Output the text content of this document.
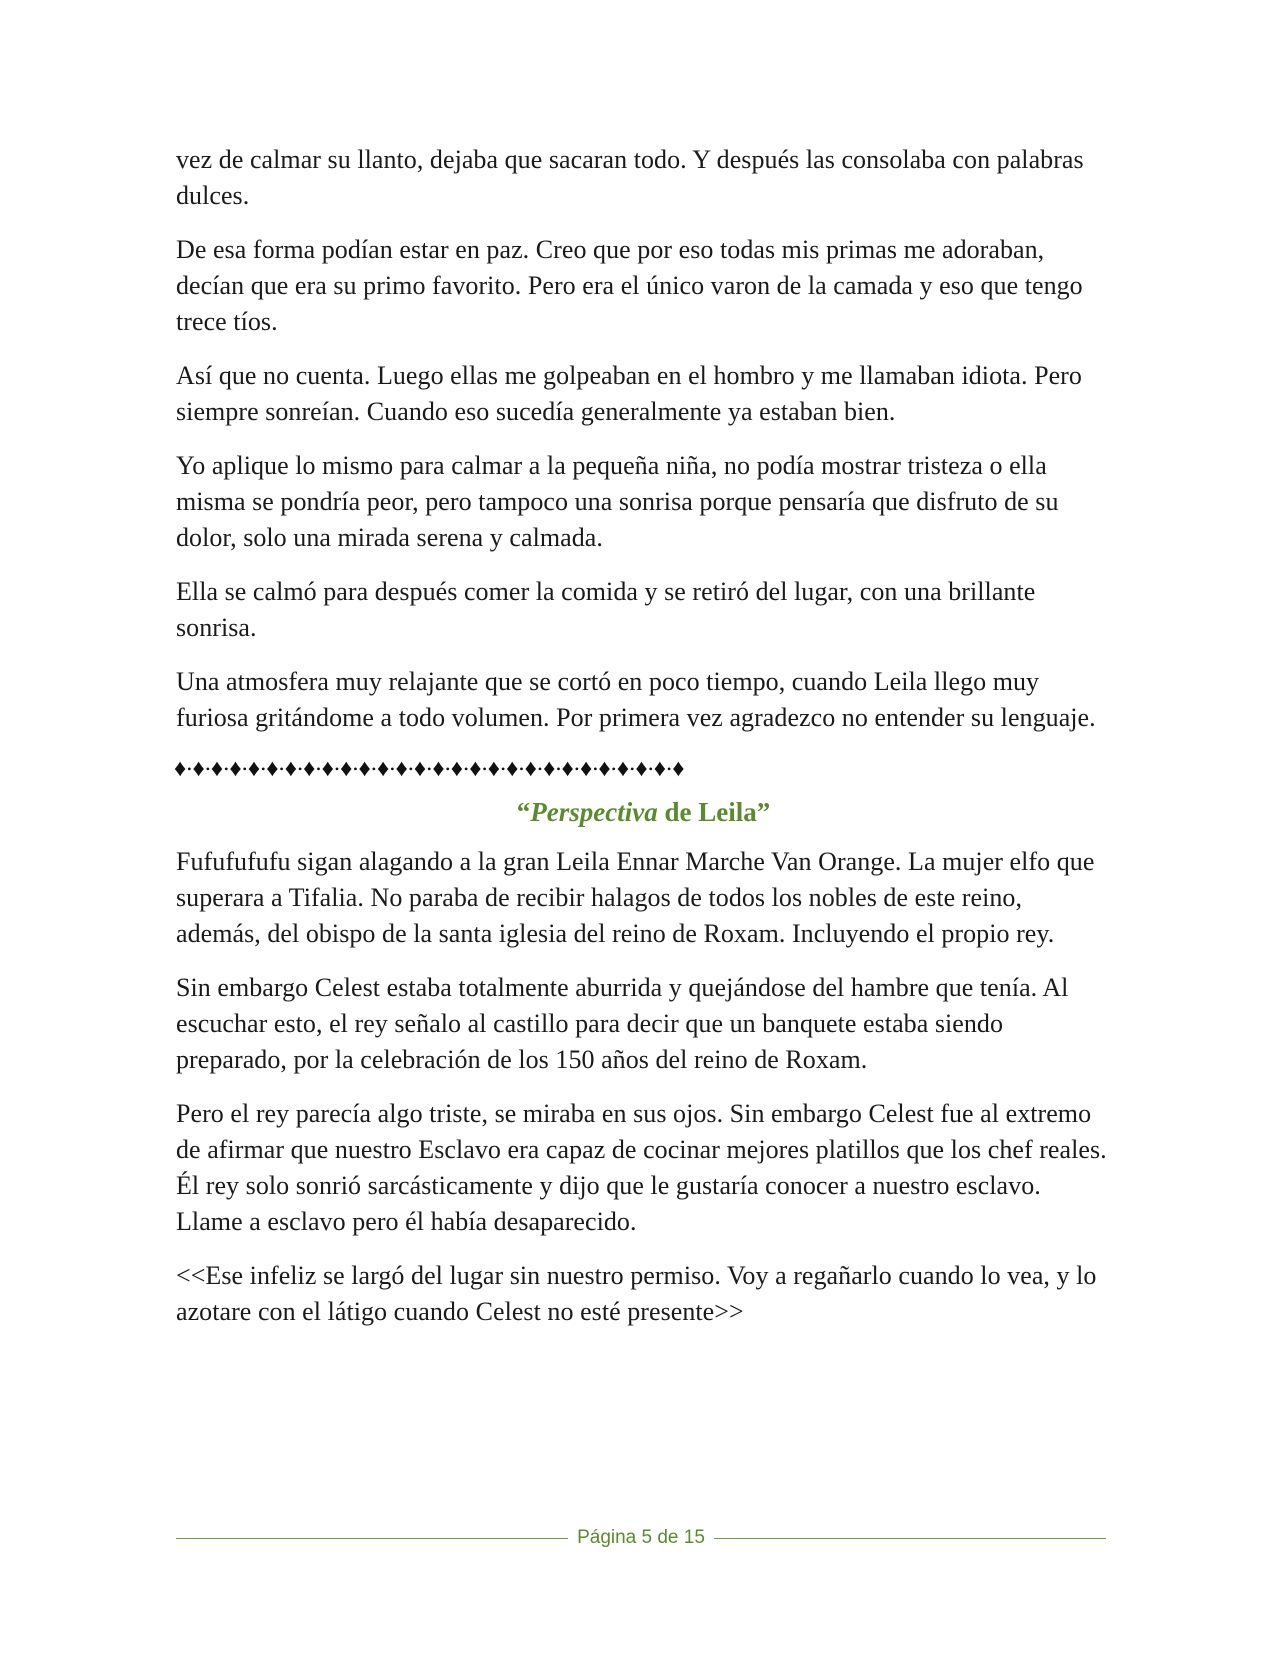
vez de calmar su llanto, dejaba que sacaran todo. Y después las consolaba con palabras dulces.

De esa forma podían estar en paz. Creo que por eso todas mis primas me adoraban, decían que era su primo favorito. Pero era el único varon de la camada y eso que tengo trece tíos.

Así que no cuenta. Luego ellas me golpeaban en el hombro y me llamaban idiota. Pero siempre sonreían. Cuando eso sucedía generalmente ya estaban bien.

Yo aplique lo mismo para calmar a la pequeña niña, no podía mostrar tristeza o ella misma se pondría peor, pero tampoco una sonrisa porque pensaría que disfruto de su dolor, solo una mirada serena y calmada.

Ella se calmó para después comer la comida y se retiró del lugar, con una brillante sonrisa.

Una atmosfera muy relajante que se cortó en poco tiempo, cuando Leila llego muy furiosa gritándome a todo volumen. Por primera vez agradezco no entender su lenguaje.

♦•♦•♦•♦•♦•♦•♦•♦•♦•♦•♦•♦•♦•♦•♦•♦•♦•♦•♦•♦•♦•♦•♦•♦•♦•♦•♦•♦
“Perspectiva de Leila”

Fufufufufu sigan alagando a la gran Leila Ennar Marche Van Orange. La mujer elfo que superara a Tifalia. No paraba de recibir halagos de todos los nobles de este reino, además, del obispo de la santa iglesia del reino de Roxam. Incluyendo el propio rey.

Sin embargo Celest estaba totalmente aburrida y quejándose del hambre que tenía. Al escuchar esto, el rey señalo al castillo para decir que un banquete estaba siendo preparado, por la celebración de los 150 años del reino de Roxam.

Pero el rey parecía algo triste, se miraba en sus ojos. Sin embargo Celest fue al extremo de afirmar que nuestro Esclavo era capaz de cocinar mejores platillos que los chef reales. Él rey solo sonrió sarcásticamente y dijo que le gustaría conocer a nuestro esclavo. Llame a esclavo pero él había desaparecido.

<<Ese infeliz se largó del lugar sin nuestro permiso. Voy a regañarlo cuando lo vea, y lo azotare con el látigo cuando Celest no esté presente>>

Página 5 de 15
